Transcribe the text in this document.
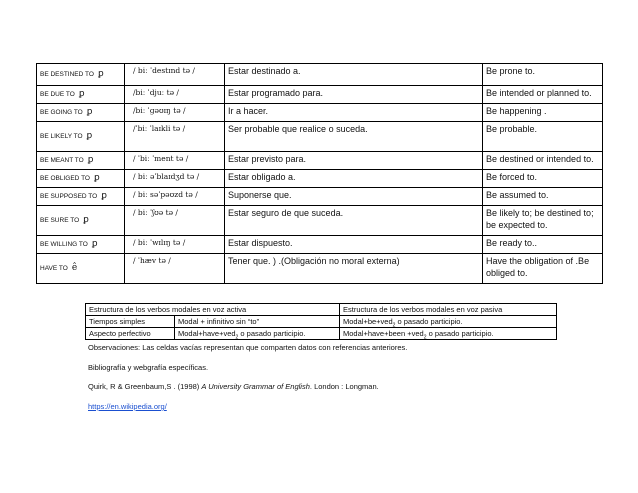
BE DESTINED TO ꝑ	/ biː ˈdestɪnd tə /	Estar destinado a.	Be prone to.
BE DUE TO ꝑ	/biː ˈdjuː tə /	Estar programado para.	Be intended or planned to.
BE GOING TO ꝑ	/biː ˈɡəʊɪŋ tə /	Ir a hacer.	Be happening .
BE LIKELY TO ꝑ	/ˈbiː ˈlaɪkli tə /	Ser probable que realice o suceda.	Be probable.
BE MEANT TO ꝑ	/ ˈbiː ˈment tə /	Estar previsto para.	Be destined or intended to.
BE OBLIGED TO ꝑ	/ biː əˈblaɪdʒd tə /	Estar obligado a.	Be forced to.
BE SUPPOSED TO ꝑ	/ biː səˈpəʊzd tə /	Suponerse que.	Be assumed to.
BE SURE TO ꝑ	/ biː ˈʃʊə tə /	Estar seguro de que suceda.	Be likely to; be destined to; be expected to.
BE WILLING TO ꝑ	/ biː ˈwɪlɪŋ tə /	Estar dispuesto.	Be ready to..
HAVE TO ê	/ ˈhæv tə /	Tener que. ) .(Obligación no moral externa)	Have the obligation of .Be obliged to.
Estructura de los verbos modales en voz activa		Estructura de los verbos modales en voz pasiva
Tiempos simples	Modal + infinitivo sin “to”	Modal+be+ved$_2$ o pasado participio.
Aspecto perfectivo	Modal+have+ved$_2$ o pasado participio.	Modal+have+been +ved$_2$ o pasado participio.
Observaciones: Las celdas vacías representan que comparten datos con referencias anteriores.
Bibliografía y webgrafía específicas.
Quirk, R & Greenbaum,S . (1998) A University Grammar of English. London : Longman.
https://en.wikipedia.org/
